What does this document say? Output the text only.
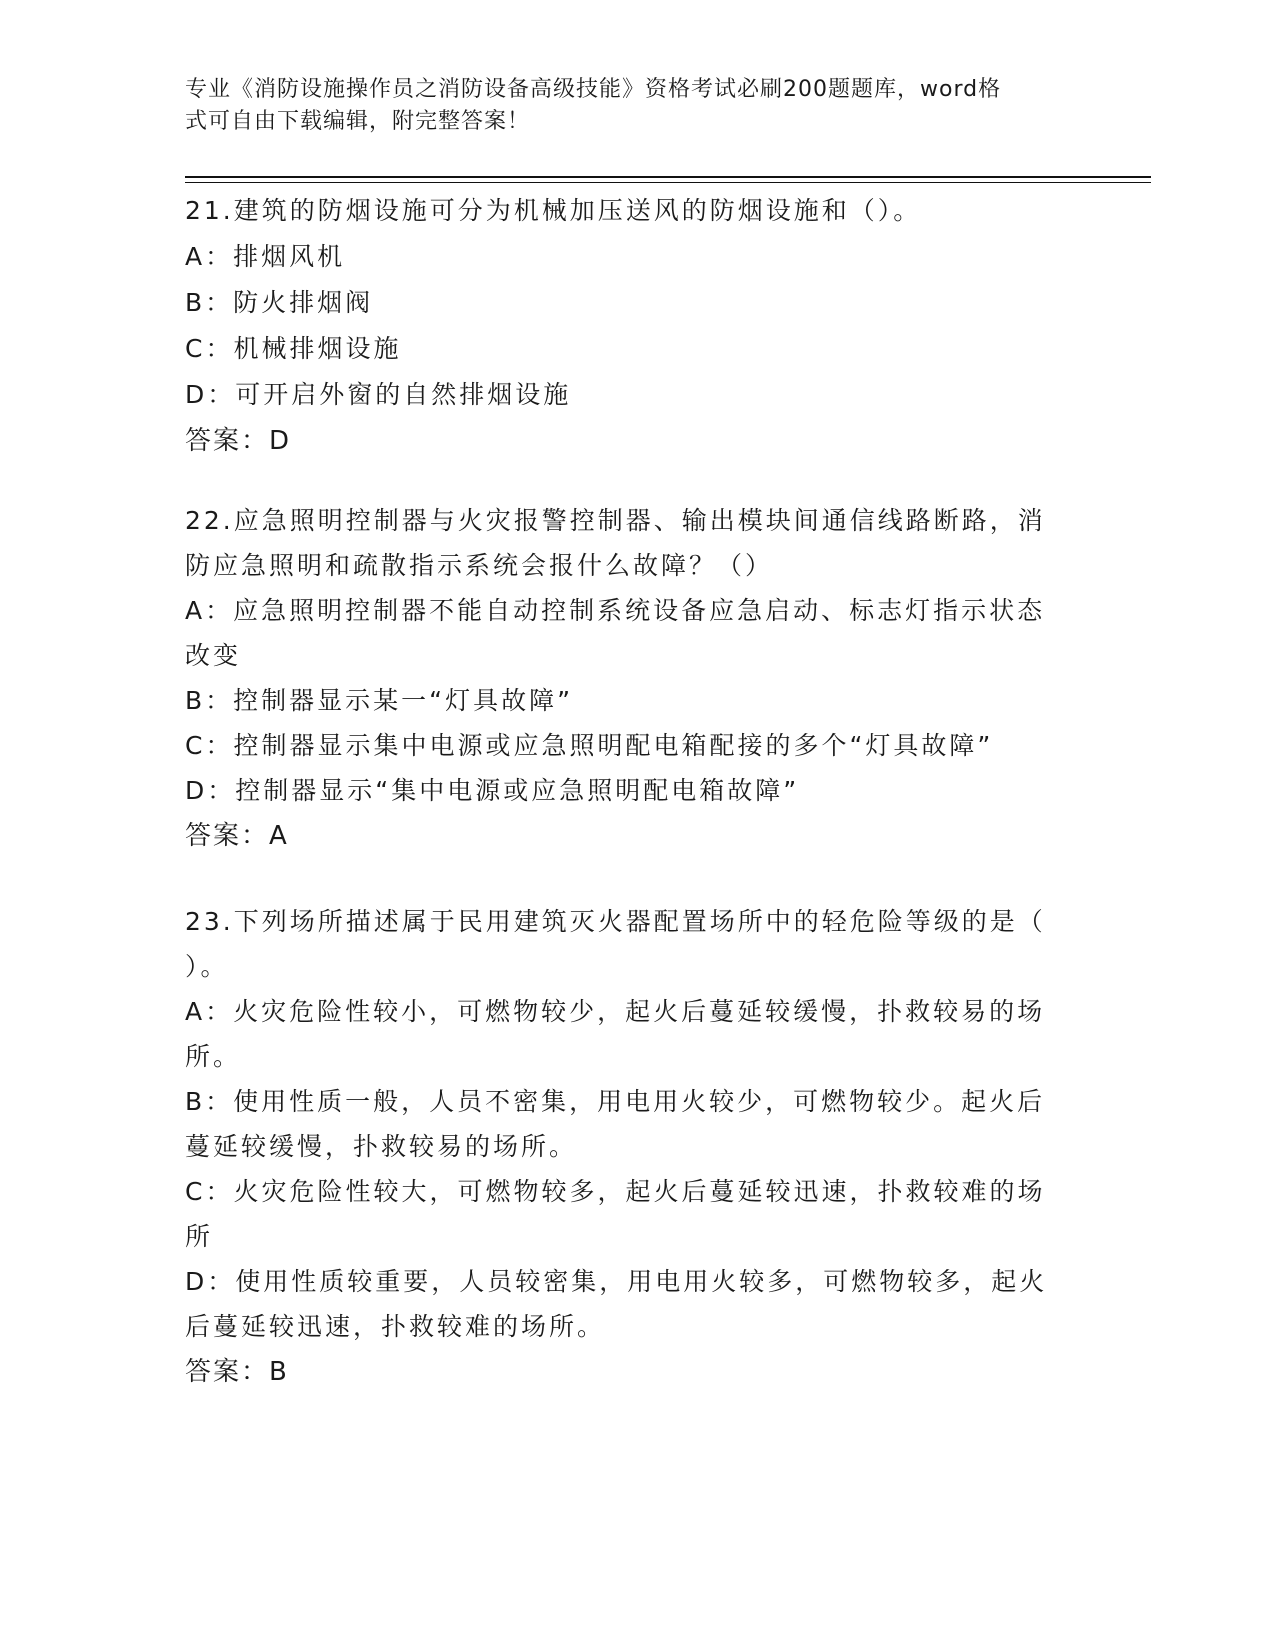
专业《消防设施操作员之消防设备高级技能》资格考试必刷200题题库，word格
式可自由下载编辑，附完整答案！
21.建筑的防烟设施可分为机械加压送风的防烟设施和（）。
A：排烟风机
B：防火排烟阀
C：机械排烟设施
D：可开启外窗的自然排烟设施
答案：D
22.应急照明控制器与火灾报警控制器、输出模块间通信线路断路，消
防应急照明和疏散指示系统会报什么故障？（）
A：应急照明控制器不能自动控制系统设备应急启动、标志灯指示状态
改变
B：控制器显示某一“灯具故障”
C：控制器显示集中电源或应急照明配电箱配接的多个“灯具故障”
D：控制器显示“集中电源或应急照明配电箱故障”
答案：A
23.下列场所描述属于民用建筑灭火器配置场所中的轻危险等级的是（
）。
A：火灾危险性较小，可燃物较少，起火后蔓延较缓慢，扑救较易的场
所。
B：使用性质一般，人员不密集，用电用火较少，可燃物较少。起火后
蔓延较缓慢，扑救较易的场所。
C：火灾危险性较大，可燃物较多，起火后蔓延较迅速，扑救较难的场
所
D：使用性质较重要，人员较密集，用电用火较多，可燃物较多，起火
后蔓延较迅速，扑救较难的场所。
答案：B
